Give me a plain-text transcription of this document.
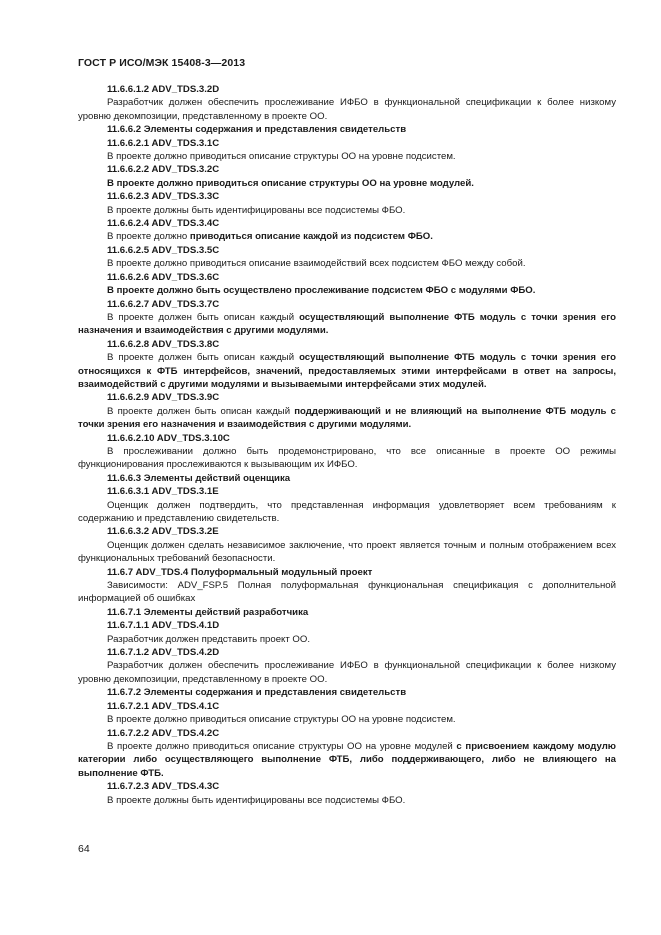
ГОСТ Р ИСО/МЭК 15408-3—2013
11.6.6.1.2 ADV_TDS.3.2D
Разработчик должен обеспечить прослеживание ИФБО в функциональной спецификации к более низкому уровню декомпозиции, представленному в проекте ОО.
11.6.6.2 Элементы содержания и представления свидетельств
11.6.6.2.1 ADV_TDS.3.1C
В проекте должно приводиться описание структуры ОО на уровне подсистем.
11.6.6.2.2 ADV_TDS.3.2C
В проекте должно приводиться описание структуры ОО на уровне модулей.
11.6.6.2.3 ADV_TDS.3.3C
В проекте должны быть идентифицированы все подсистемы ФБО.
11.6.6.2.4 ADV_TDS.3.4C
В проекте должно приводиться описание каждой из подсистем ФБО.
11.6.6.2.5 ADV_TDS.3.5C
В проекте должно приводиться описание взаимодействий всех подсистем ФБО между собой.
11.6.6.2.6 ADV_TDS.3.6C
В проекте должно быть осуществлено прослеживание подсистем ФБО с модулями ФБО.
11.6.6.2.7 ADV_TDS.3.7C
В проекте должен быть описан каждый осуществляющий выполнение ФТБ модуль с точки зрения его назначения и взаимодействия с другими модулями.
11.6.6.2.8 ADV_TDS.3.8C
В проекте должен быть описан каждый осуществляющий выполнение ФТБ модуль с точки зрения его относящихся к ФТБ интерфейсов, значений, предоставляемых этими интерфейсами в ответ на запросы, взаимодействий с другими модулями и вызываемыми интерфейсами этих модулей.
11.6.6.2.9 ADV_TDS.3.9C
В проекте должен быть описан каждый поддерживающий и не влияющий на выполнение ФТБ модуль с точки зрения его назначения и взаимодействия с другими модулями.
11.6.6.2.10 ADV_TDS.3.10C
В прослеживании должно быть продемонстрировано, что все описанные в проекте ОО режимы функционирования прослеживаются к вызывающим их ИФБО.
11.6.6.3 Элементы действий оценщика
11.6.6.3.1 ADV_TDS.3.1E
Оценщик должен подтвердить, что представленная информация удовлетворяет всем требованиям к содержанию и представлению свидетельств.
11.6.6.3.2 ADV_TDS.3.2E
Оценщик должен сделать независимое заключение, что проект является точным и полным отображением всех функциональных требований безопасности.
11.6.7 ADV_TDS.4 Полуформальный модульный проект
Зависимости: ADV_FSP.5 Полная полуформальная функциональная спецификация с дополнительной информацией об ошибках
11.6.7.1 Элементы действий разработчика
11.6.7.1.1 ADV_TDS.4.1D
Разработчик должен представить проект ОО.
11.6.7.1.2 ADV_TDS.4.2D
Разработчик должен обеспечить прослеживание ИФБО в функциональной спецификации к более низкому уровню декомпозиции, представленному в проекте ОО.
11.6.7.2 Элементы содержания и представления свидетельств
11.6.7.2.1 ADV_TDS.4.1C
В проекте должно приводиться описание структуры ОО на уровне подсистем.
11.6.7.2.2 ADV_TDS.4.2C
В проекте должно приводиться описание структуры ОО на уровне модулей с присвоением каждому модулю категории либо осуществляющего выполнение ФТБ, либо поддерживающего, либо не влияющего на выполнение ФТБ.
11.6.7.2.3 ADV_TDS.4.3C
В проекте должны быть идентифицированы все подсистемы ФБО.
64
